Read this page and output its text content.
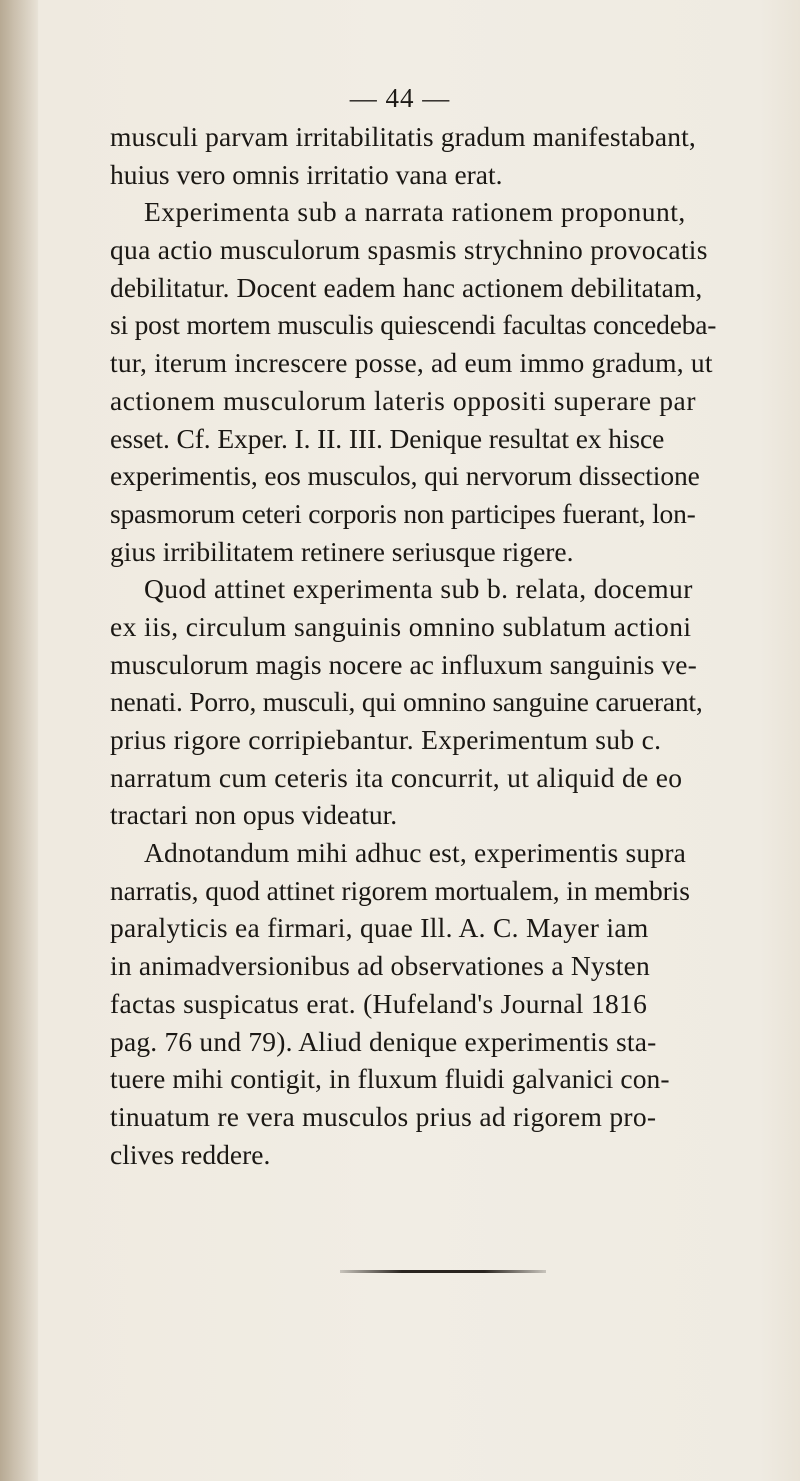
— 44 —
musculi parvam irritabilitatis gradum manifestabant,
huius vero omnis irritatio vana erat.
Experimenta sub a narrata rationem proponunt,
qua actio musculorum spasmis strychnino provocatis
debilitatur. Docent eadem hanc actionem debilitatam,
si post mortem musculis quiescendi facultas concedeba-
tur, iterum increscere posse, ad eum immo gradum, ut
actionem musculorum lateris oppositi superare par
esset. Cf. Exper. I. II. III. Denique resultat ex hisce
experimentis, eos musculos, qui nervorum dissectione
spasmorum ceteri corporis non participes fuerant, lon-
gius irribilitatem retinere seriusque rigere.
Quod attinet experimenta sub b. relata, docemur
ex iis, circulum sanguinis omnino sublatum actioni
musculorum magis nocere ac influxum sanguinis ve-
nenati. Porro, musculi, qui omnino sanguine caruerant,
prius rigore corripiebantur. Experimentum sub c.
narratum cum ceteris ita concurrit, ut aliquid de eo
tractari non opus videatur.
Adnotandum mihi adhuc est, experimentis supra
narratis, quod attinet rigorem mortualem, in membris
paralyticis ea firmari, quae Ill. A. C. Mayer iam
in animadversionibus ad observationes a Nysten
factas suspicatus erat. (Hufeland's Journal 1816
pag. 76 und 79). Aliud denique experimentis sta-
tuere mihi contigit, in fluxum fluidi galvanici con-
tinuatum re vera musculos prius ad rigorem pro-
clives reddere.
